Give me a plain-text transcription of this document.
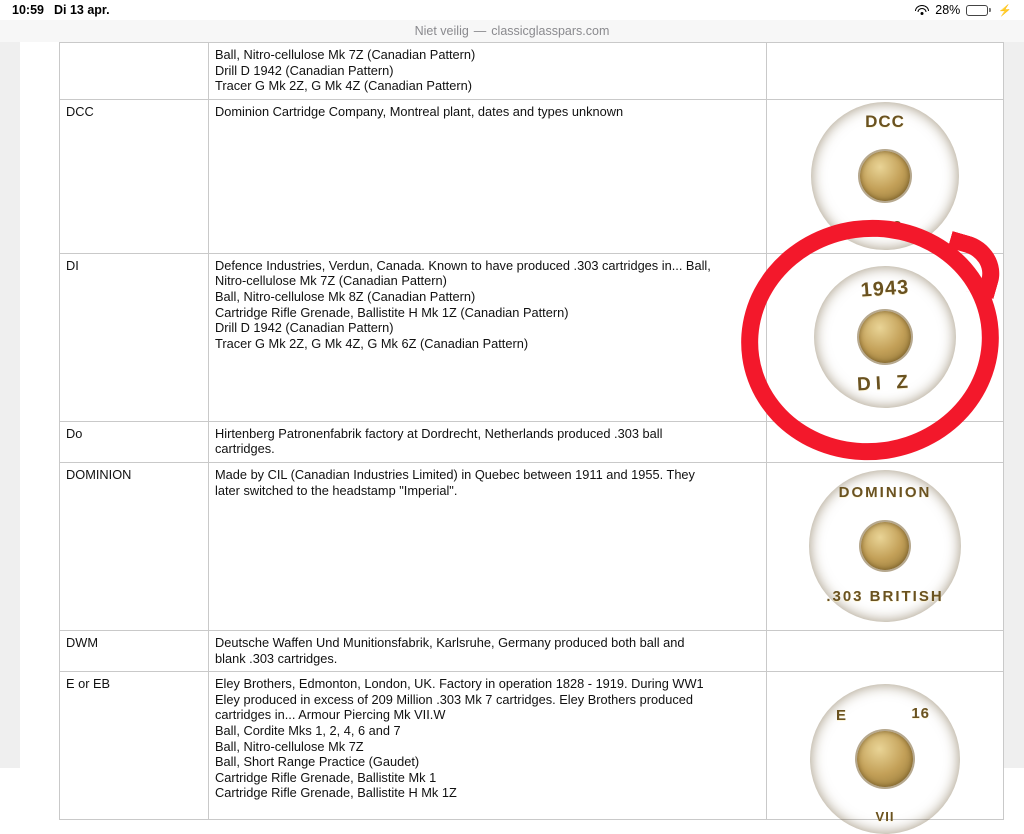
10:59 Di 13 apr.	28%	⚡
Niet veilig — classicglasspars.com

	Ball, Nitro-cellulose Mk 7Z (Canadian Pattern)
Drill D 1942 (Canadian Pattern)
Tracer G Mk 2Z, G Mk 4Z (Canadian Pattern)	

DCC	Dominion Cartridge Company, Montreal plant, dates and types unknown	DCC
.303

DI	Defence Industries, Verdun, Canada. Known to have produced .303 cartridges in... Ball,
Nitro-cellulose Mk 7Z (Canadian Pattern)
Ball, Nitro-cellulose Mk 8Z (Canadian Pattern)
Cartridge Rifle Grenade, Ballistite H Mk 1Z (Canadian Pattern)
Drill D 1942 (Canadian Pattern)
Tracer G Mk 2Z, G Mk 4Z, G Mk 6Z (Canadian Pattern)

1943
DI Z

Do	Hirtenberg Patronenfabrik factory at Dordrecht, Netherlands produced .303 ball
cartridges.	

DOMINION	Made by CIL (Canadian Industries Limited) in Quebec between 1911 and 1955. They
later switched to the headstamp "Imperial".	DOMINION
.303 BRITISH

DWM	Deutsche Waffen Und Munitionsfabrik, Karlsruhe, Germany produced both ball and
blank .303 cartridges.	

E or EB	Eley Brothers, Edmonton, London, UK. Factory in operation 1828 - 1919. During WW1
Eley produced in excess of 209 Million .303 Mk 7 cartridges. Eley Brothers produced
cartridges in... Armour Piercing Mk VII.W
Ball, Cordite Mks 1, 2, 4, 6 and 7
Ball, Nitro-cellulose Mk 7Z
Ball, Short Range Practice (Gaudet)
Cartridge Rifle Grenade, Ballistite Mk 1
Cartridge Rifle Grenade, Ballistite H Mk 1Z

E	16
VII
